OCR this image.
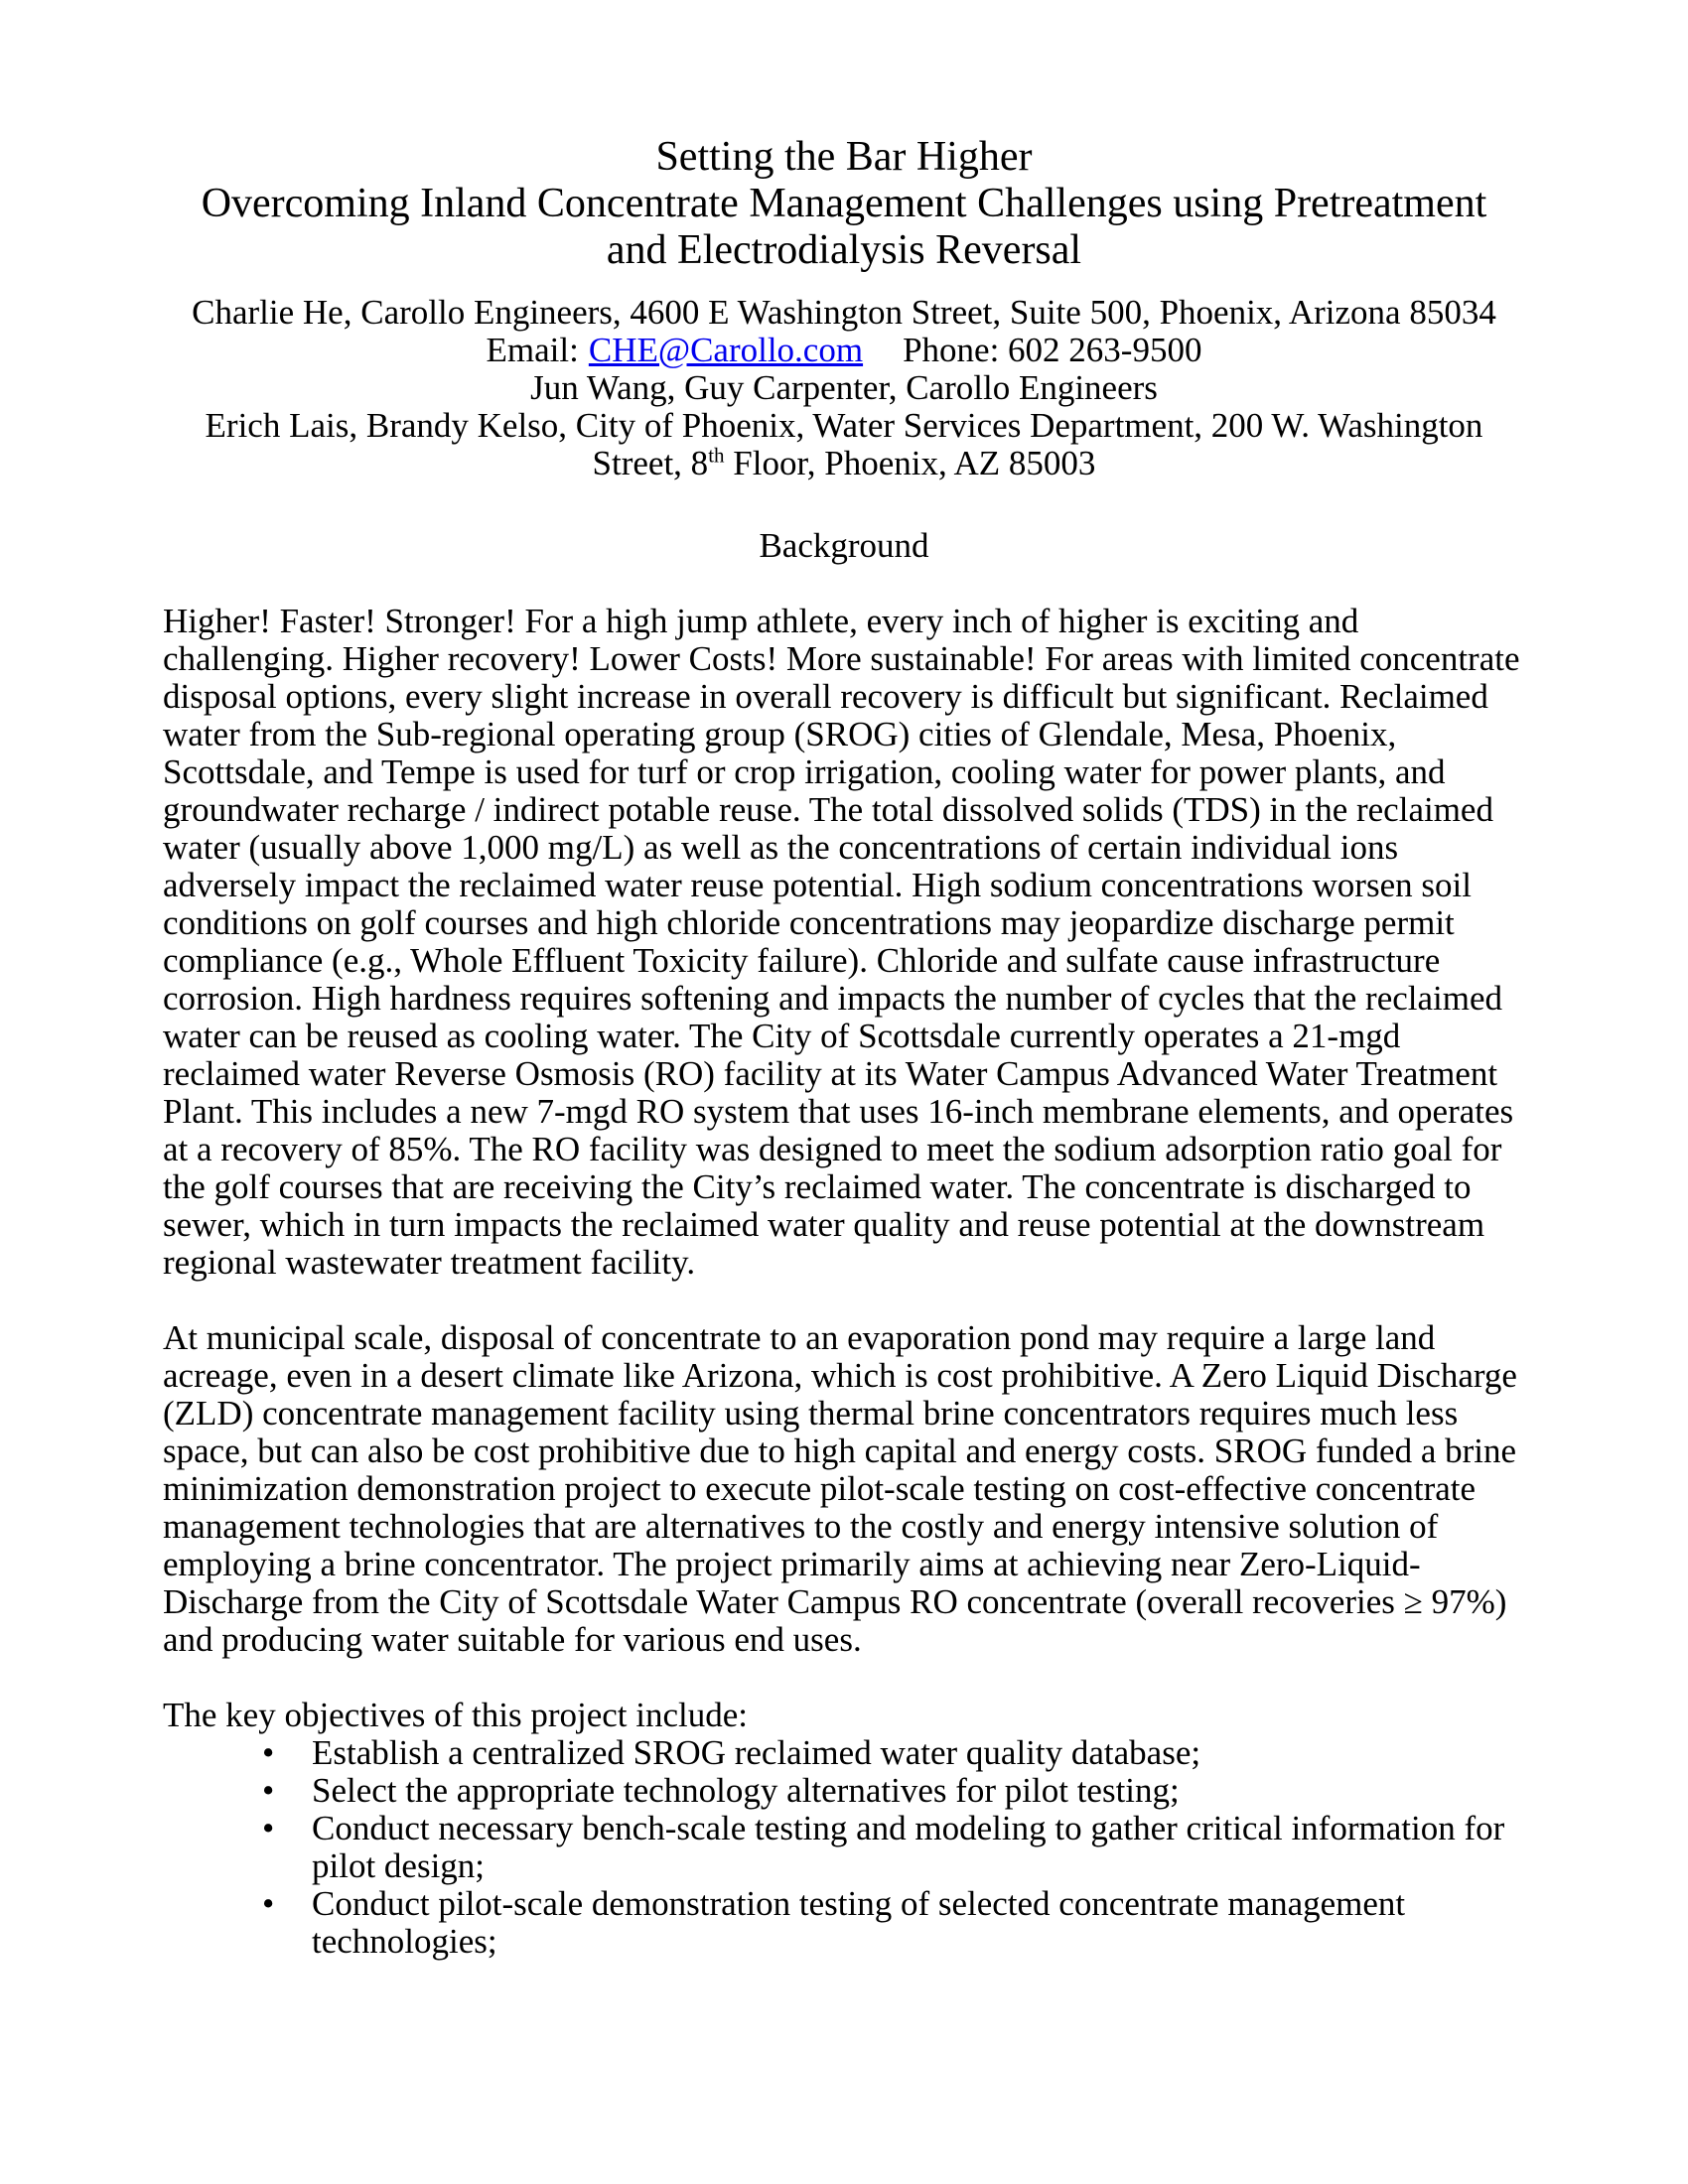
Setting the Bar Higher
Overcoming Inland Concentrate Management Challenges using Pretreatment
and Electrodialysis Reversal
Charlie He, Carollo Engineers, 4600 E Washington Street, Suite 500, Phoenix, Arizona 85034
Email: CHE@Carollo.com Phone: 602 263-9500
Jun Wang, Guy Carpenter, Carollo Engineers
Erich Lais, Brandy Kelso, City of Phoenix, Water Services Department, 200 W. Washington
Street, 8th Floor, Phoenix, AZ 85003
Background

Higher! Faster! Stronger! For a high jump athlete, every inch of higher is exciting and challenging. Higher recovery! Lower Costs! More sustainable! For areas with limited concentrate disposal options, every slight increase in overall recovery is difficult but significant. Reclaimed water from the Sub-regional operating group (SROG) cities of Glendale, Mesa, Phoenix, Scottsdale, and Tempe is used for turf or crop irrigation, cooling water for power plants, and groundwater recharge / indirect potable reuse. The total dissolved solids (TDS) in the reclaimed water (usually above 1,000 mg/L) as well as the concentrations of certain individual ions adversely impact the reclaimed water reuse potential. High sodium concentrations worsen soil conditions on golf courses and high chloride concentrations may jeopardize discharge permit compliance (e.g., Whole Effluent Toxicity failure). Chloride and sulfate cause infrastructure corrosion. High hardness requires softening and impacts the number of cycles that the reclaimed water can be reused as cooling water. The City of Scottsdale currently operates a 21-mgd reclaimed water Reverse Osmosis (RO) facility at its Water Campus Advanced Water Treatment Plant. This includes a new 7-mgd RO system that uses 16-inch membrane elements, and operates at a recovery of 85%. The RO facility was designed to meet the sodium adsorption ratio goal for the golf courses that are receiving the City’s reclaimed water. The concentrate is discharged to sewer, which in turn impacts the reclaimed water quality and reuse potential at the downstream regional wastewater treatment facility.

At municipal scale, disposal of concentrate to an evaporation pond may require a large land acreage, even in a desert climate like Arizona, which is cost prohibitive. A Zero Liquid Discharge (ZLD) concentrate management facility using thermal brine concentrators requires much less space, but can also be cost prohibitive due to high capital and energy costs. SROG funded a brine minimization demonstration project to execute pilot-scale testing on cost-effective concentrate management technologies that are alternatives to the costly and energy intensive solution of employing a brine concentrator. The project primarily aims at achieving near Zero-Liquid-Discharge from the City of Scottsdale Water Campus RO concentrate (overall recoveries ≥ 97%) and producing water suitable for various end uses.

The key objectives of this project include:

• Establish a centralized SROG reclaimed water quality database;
• Select the appropriate technology alternatives for pilot testing;
• Conduct necessary bench-scale testing and modeling to gather critical information for pilot design;
• Conduct pilot-scale demonstration testing of selected concentrate management technologies;
